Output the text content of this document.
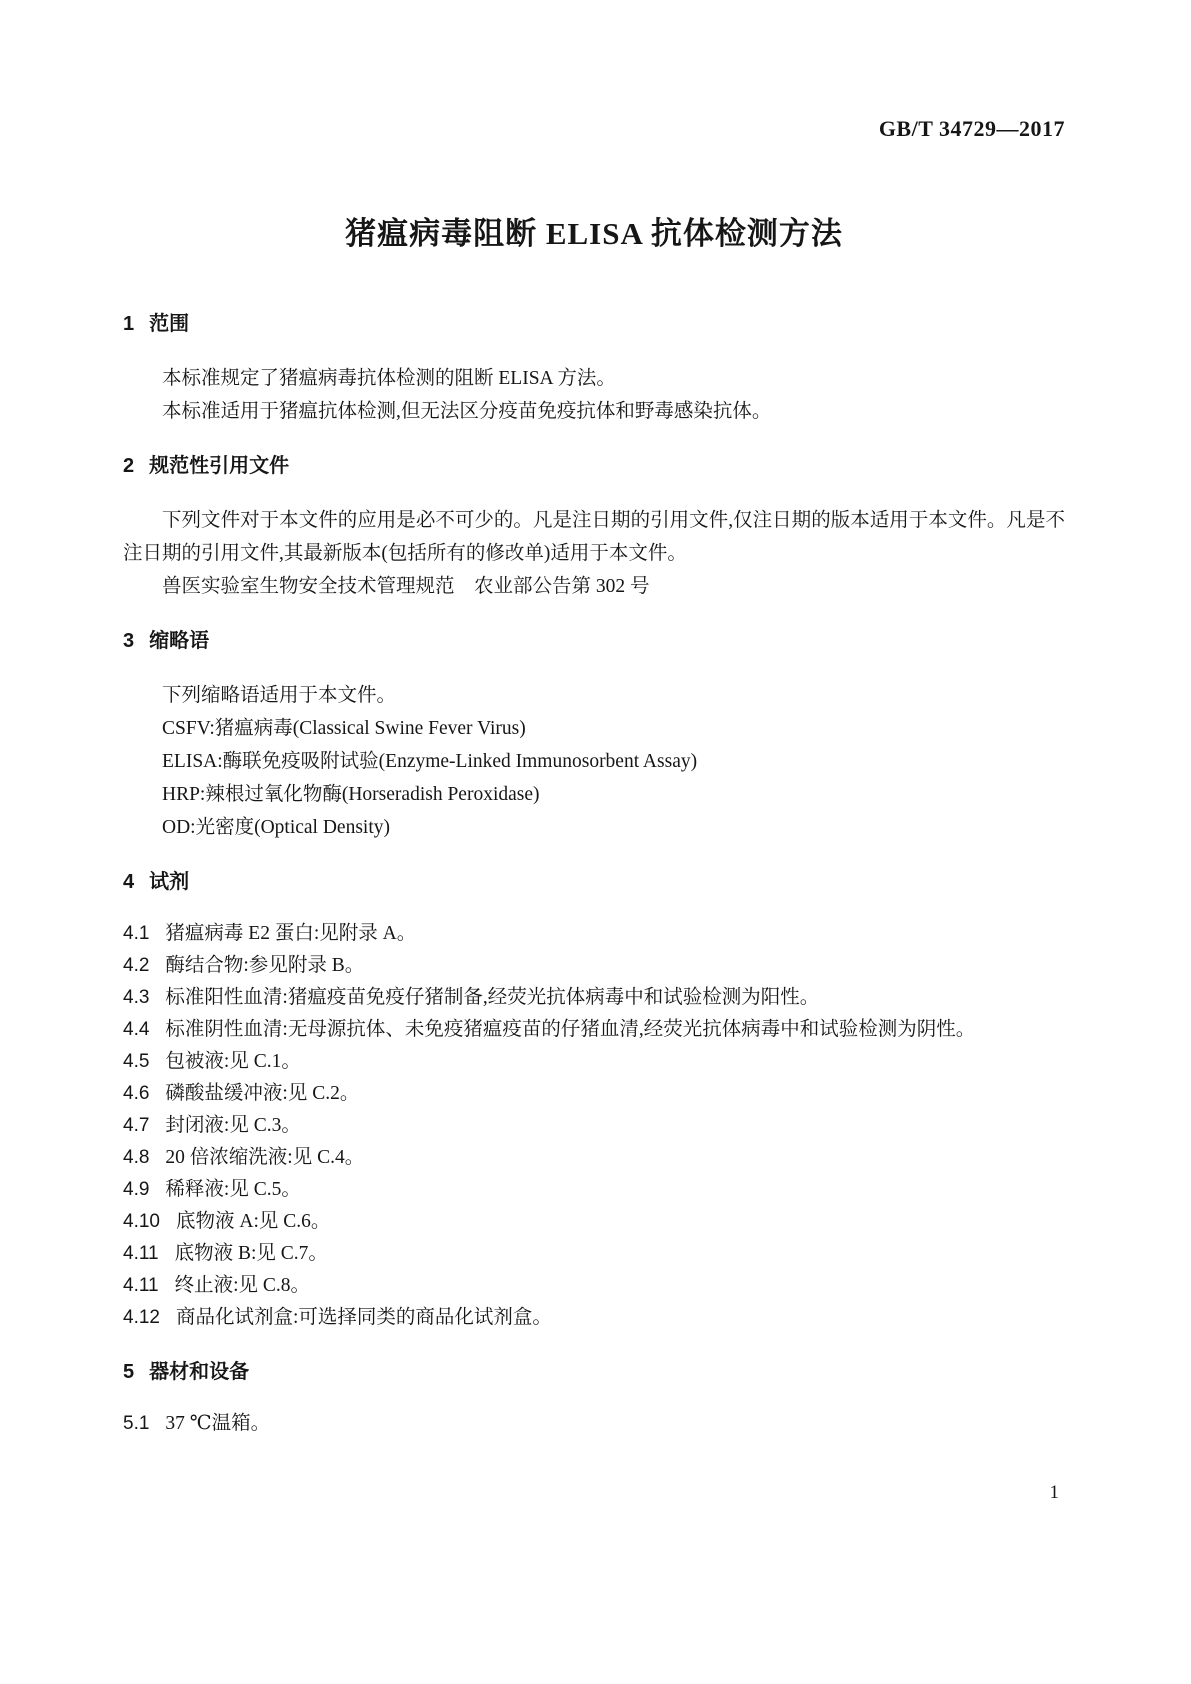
GB/T 34729—2017
猪瘟病毒阻断 ELISA 抗体检测方法
1 范围

本标准规定了猪瘟病毒抗体检测的阻断 ELISA 方法。

本标准适用于猪瘟抗体检测,但无法区分疫苗免疫抗体和野毒感染抗体。

2 规范性引用文件

下列文件对于本文件的应用是必不可少的。凡是注日期的引用文件,仅注日期的版本适用于本文件。凡是不注日期的引用文件,其最新版本(包括所有的修改单)适用于本文件。

兽医实验室生物安全技术管理规范　农业部公告第 302 号

3 缩略语

下列缩略语适用于本文件。

CSFV:猪瘟病毒(Classical Swine Fever Virus)

ELISA:酶联免疫吸附试验(Enzyme-Linked Immunosorbent Assay)

HRP:辣根过氧化物酶(Horseradish Peroxidase)

OD:光密度(Optical Density)

4 试剂

4.1 猪瘟病毒 E2 蛋白:见附录 A。

4.2 酶结合物:参见附录 B。

4.3 标准阳性血清:猪瘟疫苗免疫仔猪制备,经荧光抗体病毒中和试验检测为阳性。

4.4 标准阴性血清:无母源抗体、未免疫猪瘟疫苗的仔猪血清,经荧光抗体病毒中和试验检测为阴性。

4.5 包被液:见 C.1。

4.6 磷酸盐缓冲液:见 C.2。

4.7 封闭液:见 C.3。

4.8 20 倍浓缩洗液:见 C.4。

4.9 稀释液:见 C.5。

4.10 底物液 A:见 C.6。

4.11 底物液 B:见 C.7。

4.11 终止液:见 C.8。

4.12 商品化试剂盒:可选择同类的商品化试剂盒。

5 器材和设备

5.1 37 ℃温箱。

1
